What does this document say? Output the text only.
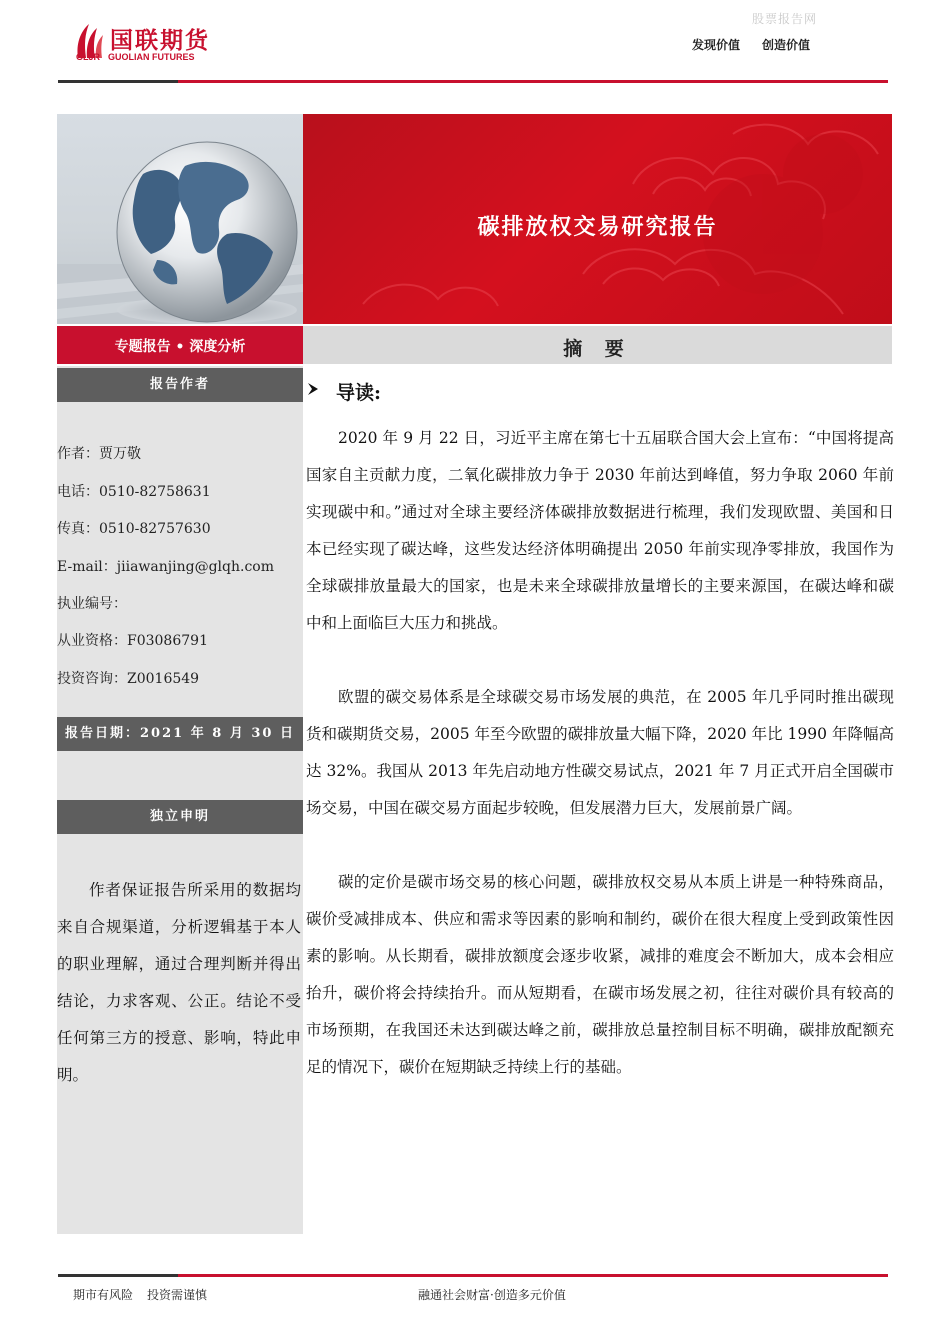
国联期货
GLJR GUOLIAN FUTURES
股票报告网
发现价值 创造价值
碳排放权交易研究报告
专题报告 • 深度分析	摘 要
报告作者
作者：贾万敬
电话：0510-82758631
传真：0510-82757630
E-mail：jiiawanjing@glqh.com
执业编号：
从业资格：F03086791
投资咨询：Z0016549
报告日期：2021 年 8 月 30 日
独立申明
作者保证报告所采用的数据均来自合规渠道，分析逻辑基于本人的职业理解，通过合理判断并得出结论，力求客观、公正。结论不受任何第三方的授意、影响，特此申明。
导读:
2020 年 9 月 22 日，习近平主席在第七十五届联合国大会上宣布：“中国将提高国家自主贡献力度，二氧化碳排放力争于 2030 年前达到峰值，努力争取 2060 年前实现碳中和。”通过对全球主要经济体碳排放数据进行梳理，我们发现欧盟、美国和日本已经实现了碳达峰，这些发达经济体明确提出 2050 年前实现净零排放，我国作为全球碳排放量最大的国家，也是未来全球碳排放量增长的主要来源国，在碳达峰和碳中和上面临巨大压力和挑战。
欧盟的碳交易体系是全球碳交易市场发展的典范，在 2005 年几乎同时推出碳现货和碳期货交易，2005 年至今欧盟的碳排放量大幅下降，2020 年比 1990 年降幅高达 32%。我国从 2013 年先启动地方性碳交易试点，2021 年 7 月正式开启全国碳市场交易，中国在碳交易方面起步较晚，但发展潜力巨大，发展前景广阔。
碳的定价是碳市场交易的核心问题，碳排放权交易从本质上讲是一种特殊商品，碳价受减排成本、供应和需求等因素的影响和制约，碳价在很大程度上受到政策性因素的影响。从长期看，碳排放额度会逐步收紧，减排的难度会不断加大，成本会相应抬升，碳价将会持续抬升。而从短期看，在碳市场发展之初，往往对碳价具有较高的市场预期，在我国还未达到碳达峰之前，碳排放总量控制目标不明确，碳排放配额充足的情况下，碳价在短期缺乏持续上行的基础。
期市有风险 投资需谨慎	融通社会财富·创造多元价值
